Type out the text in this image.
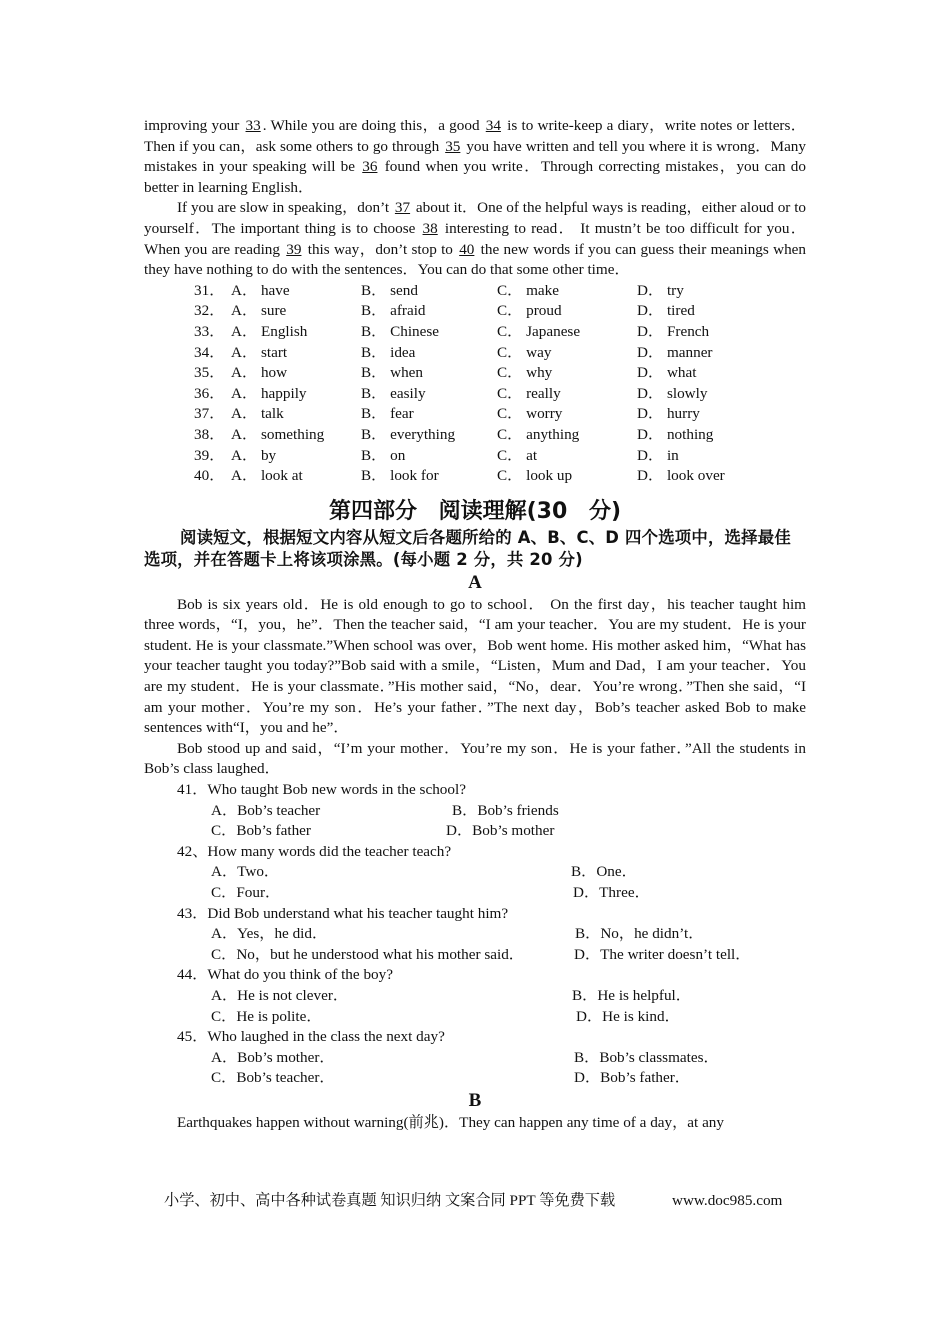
improving your 33 . While you are doing this，a good 34 is to write-keep a diary，write notes or letters．Then if you can，ask some others to go through 35 you have written and tell you where it is wrong．Many mistakes in your speaking will be 36 found when you write．Through correcting mistakes，you can do better in learning English．

If you are slow in speaking，don’t 37 about it．One of the helpful ways is reading，either aloud or to yourself．The important thing is to choose 38 interesting to read． It mustn’t be too difficult for you．When you are reading 39 this way，don’t stop to 40 the new words if you can guess their meanings when they have nothing to do with the sentences．You can do that some other time．

31．	A． have	B． send	C． make	D． try
32．	A． sure	B． afraid	C． proud	D． tired
33．	A． English	B． Chinese	C． Japanese	D． French
34．	A． start	B． idea	C． way	D． manner
35．	A． how	B． when	C． why	D． what
36．	A． happily	B． easily	C． really	D． slowly
37．	A． talk	B． fear	C． worry	D． hurry
38．	A． something	B． everything	C． anything	D． nothing
39．	A． by	B． on	C． at	D． in
40．	A． look at	B． look for	C． look up	D． look over
第四部分 阅读理解(30 分)

阅读短文，根据短文内容从短文后各题所给的 A、B、C、D 四个选项中，选择最佳选项，并在答题卡上将该项涂黑。(每小题 2 分，共 20 分)

A

Bob is six years old．He is old enough to go to school． On the first day，his teacher taught him three words，“I，you，he”．Then the teacher said，“I am your teacher．You are my student．He is your student. He is your classmate.”When school was over，Bob went home. His mother asked him，“What has your teacher taught you today?”Bob said with a smile，“Listen，Mum and Dad，I am your teacher．You are my student．He is your classmate．”His mother said，“No，dear．You’re wrong．”Then she said，“I am your mother．You’re my son．He’s your father．”The next day，Bob’s teacher asked Bob to make sentences with“I，you and he”．

Bob stood up and said，“I’m your mother．You’re my son．He is your father．”All the students in Bob’s class laughed．

41．Who taught Bob new words in the school?

A．Bob’s teacher	B．Bob’s friends
C．Bob’s father	D．Bob’s mother

42、How many words did the teacher teach?

A．Two．	B．One．
C．Four．	D．Three．

43．Did Bob understand what his teacher taught him?

A．Yes，he did．	B．No，he didn’t．
C．No，but he understood what his mother said．	D．The writer doesn’t tell．

44．What do you think of the boy?

A．He is not clever．	B．He is helpful．
C．He is polite．	D．He is kind．

45．Who laughed in the class the next day?

A．Bob’s mother．	B．Bob’s classmates．
C．Bob’s teacher．	D．Bob’s father．

B

Earthquakes happen without warning(前兆)．They can happen any time of a day，at any

小学、初中、高中各种试卷真题 知识归纳 文案合同 PPT 等免费下载	www.doc985.com
